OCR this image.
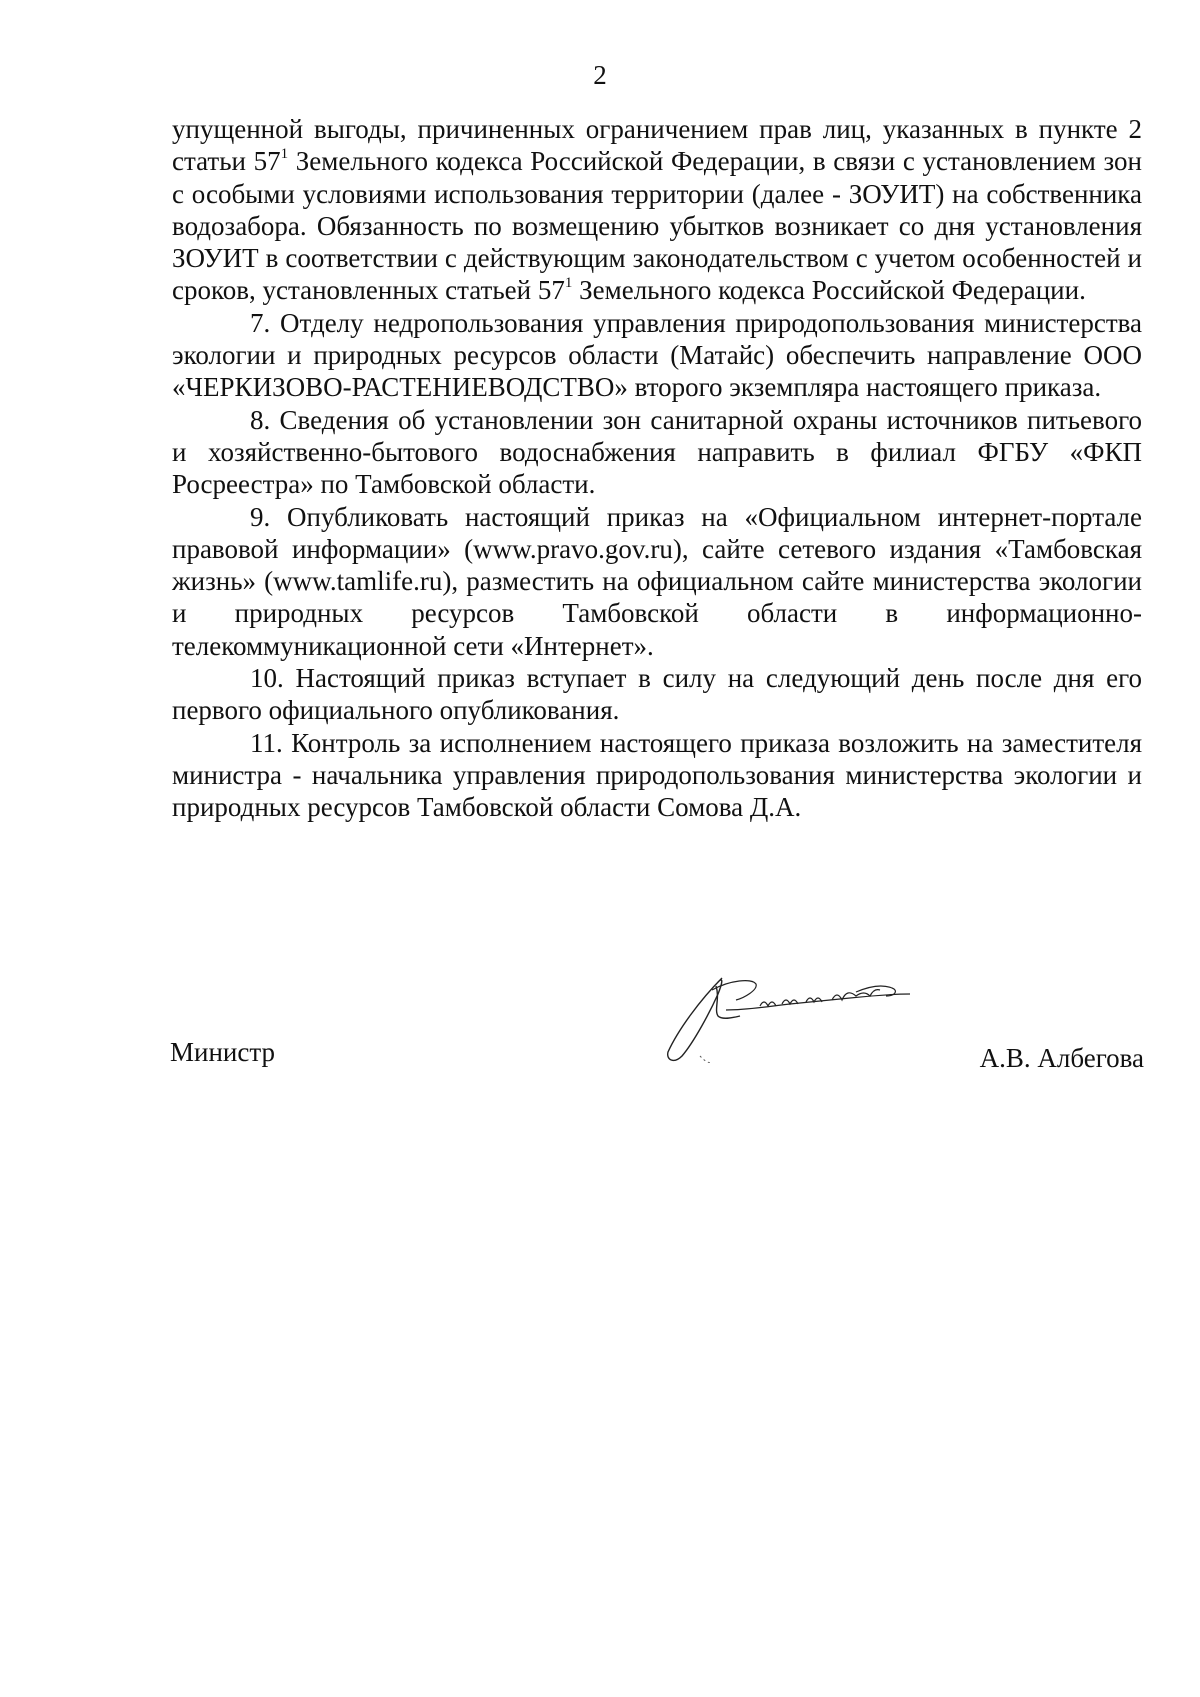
2

упущенной выгоды, причиненных ограничением прав лиц, указанных в пункте 2 статьи $57^1$ Земельного кодекса Российской Федерации, в связи с установлением зон с особыми условиями использования территории (далее - ЗОУИТ) на собственника водозабора. Обязанность по возмещению убытков возникает со дня установления ЗОУИТ в соответствии с действующим законодательством с учетом особенностей и сроков, установленных статьей $57^1$ Земельного кодекса Российской Федерации.

7. Отделу недропользования управления природопользования министерства экологии и природных ресурсов области (Матайс) обеспечить направление ООО «ЧЕРКИЗОВО-РАСТЕНИЕВОДСТВО» второго экземпляра настоящего приказа.

8. Сведения об установлении зон санитарной охраны источников питьевого и хозяйственно-бытового водоснабжения направить в филиал ФГБУ «ФКП Росреестра» по Тамбовской области.

9. Опубликовать настоящий приказ на «Официальном интернет-портале правовой информации» (www.pravo.gov.ru), сайте сетевого издания «Тамбовская жизнь» (www.tamlife.ru), разместить на официальном сайте министерства экологии и природных ресурсов Тамбовской области в информационно-телекоммуникационной сети «Интернет».

10. Настоящий приказ вступает в силу на следующий день после дня его первого официального опубликования.

11. Контроль за исполнением настоящего приказа возложить на заместителя министра - начальника управления природопользования министерства экологии и природных ресурсов Тамбовской области Сомова Д.А.

Министр	А.В. Албегова
